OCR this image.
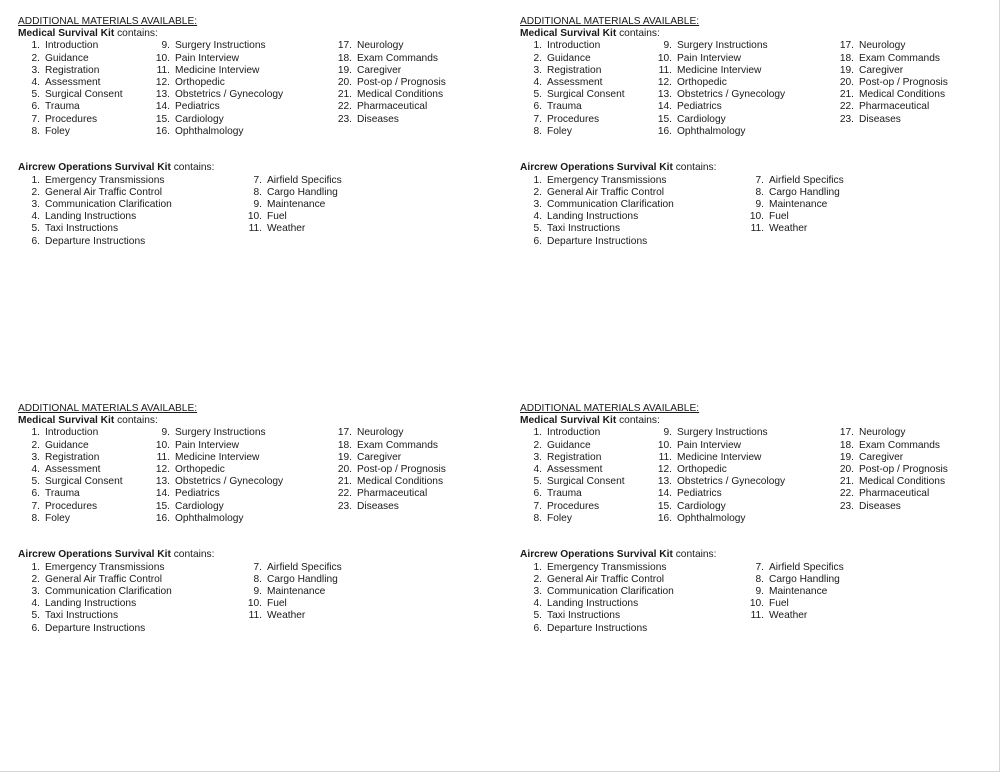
ADDITIONAL MATERIALS AVAILABLE:
Medical Survival Kit contains:
1. Introduction
2. Guidance
3. Registration
4. Assessment
5. Surgical Consent
6. Trauma
7. Procedures
8. Foley
9. Surgery Instructions
10. Pain Interview
11. Medicine Interview
12. Orthopedic
13. Obstetrics / Gynecology
14. Pediatrics
15. Cardiology
16. Ophthalmology
17. Neurology
18. Exam Commands
19. Caregiver
20. Post-op / Prognosis
21. Medical Conditions
22. Pharmaceutical
23. Diseases
Aircrew Operations Survival Kit contains:
1. Emergency Transmissions
2. General Air Traffic Control
3. Communication Clarification
4. Landing Instructions
5. Taxi Instructions
6. Departure Instructions
7. Airfield Specifics
8. Cargo Handling
9. Maintenance
10. Fuel
11. Weather
ADDITIONAL MATERIALS AVAILABLE:
Medical Survival Kit contains:
1. Introduction
2. Guidance
3. Registration
4. Assessment
5. Surgical Consent
6. Trauma
7. Procedures
8. Foley
9. Surgery Instructions
10. Pain Interview
11. Medicine Interview
12. Orthopedic
13. Obstetrics / Gynecology
14. Pediatrics
15. Cardiology
16. Ophthalmology
17. Neurology
18. Exam Commands
19. Caregiver
20. Post-op / Prognosis
21. Medical Conditions
22. Pharmaceutical
23. Diseases
Aircrew Operations Survival Kit contains:
1. Emergency Transmissions
2. General Air Traffic Control
3. Communication Clarification
4. Landing Instructions
5. Taxi Instructions
6. Departure Instructions
7. Airfield Specifics
8. Cargo Handling
9. Maintenance
10. Fuel
11. Weather
ADDITIONAL MATERIALS AVAILABLE:
Medical Survival Kit contains:
1. Introduction
2. Guidance
3. Registration
4. Assessment
5. Surgical Consent
6. Trauma
7. Procedures
8. Foley
9. Surgery Instructions
10. Pain Interview
11. Medicine Interview
12. Orthopedic
13. Obstetrics / Gynecology
14. Pediatrics
15. Cardiology
16. Ophthalmology
17. Neurology
18. Exam Commands
19. Caregiver
20. Post-op / Prognosis
21. Medical Conditions
22. Pharmaceutical
23. Diseases
Aircrew Operations Survival Kit contains:
1. Emergency Transmissions
2. General Air Traffic Control
3. Communication Clarification
4. Landing Instructions
5. Taxi Instructions
6. Departure Instructions
7. Airfield Specifics
8. Cargo Handling
9. Maintenance
10. Fuel
11. Weather
ADDITIONAL MATERIALS AVAILABLE:
Medical Survival Kit contains:
1. Introduction
2. Guidance
3. Registration
4. Assessment
5. Surgical Consent
6. Trauma
7. Procedures
8. Foley
9. Surgery Instructions
10. Pain Interview
11. Medicine Interview
12. Orthopedic
13. Obstetrics / Gynecology
14. Pediatrics
15. Cardiology
16. Ophthalmology
17. Neurology
18. Exam Commands
19. Caregiver
20. Post-op / Prognosis
21. Medical Conditions
22. Pharmaceutical
23. Diseases
Aircrew Operations Survival Kit contains:
1. Emergency Transmissions
2. General Air Traffic Control
3. Communication Clarification
4. Landing Instructions
5. Taxi Instructions
6. Departure Instructions
7. Airfield Specifics
8. Cargo Handling
9. Maintenance
10. Fuel
11. Weather
